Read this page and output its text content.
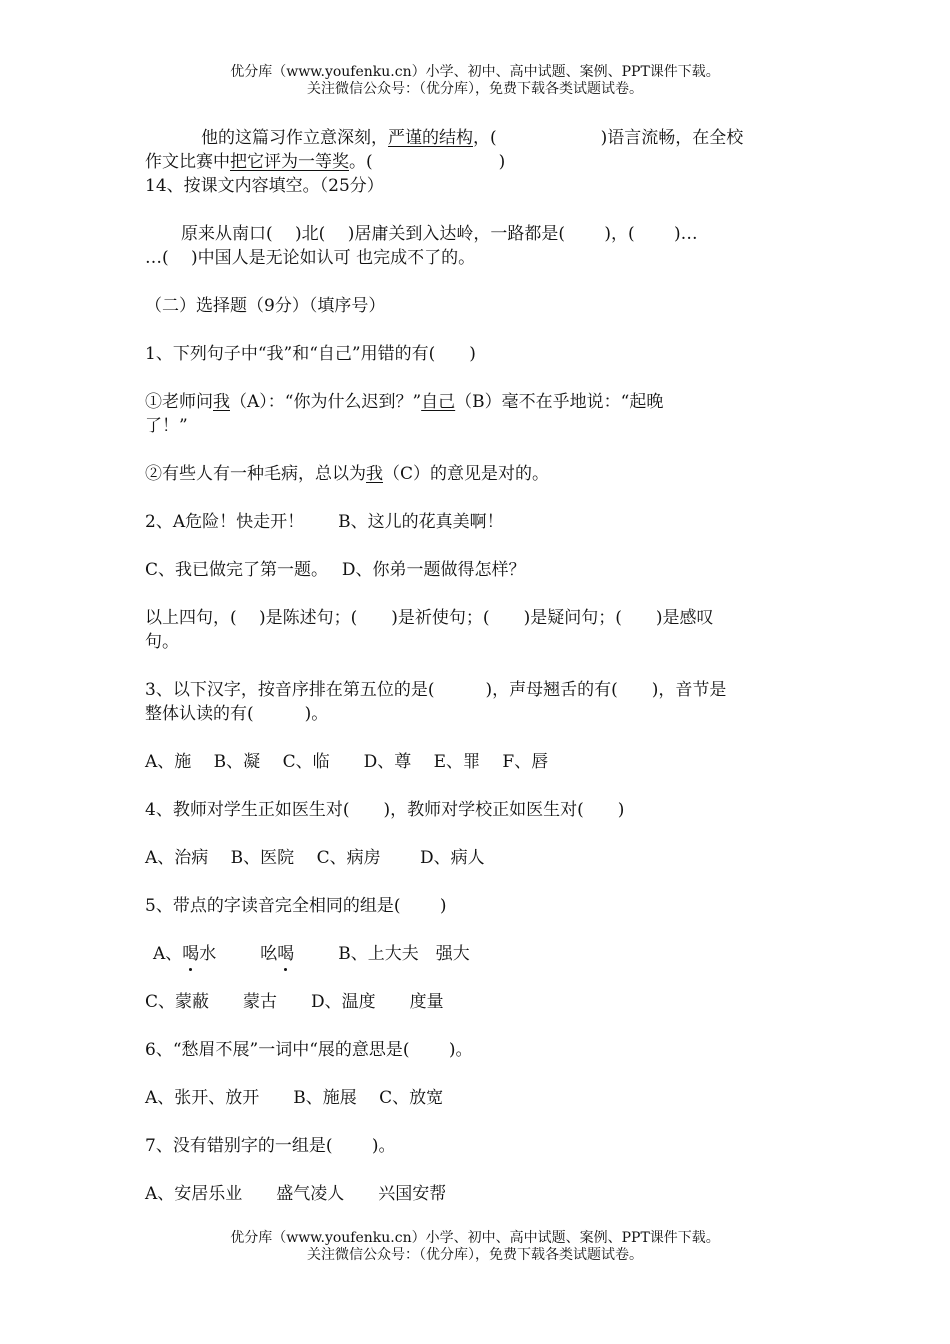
优分库（www.youfenku.cn）小学、初中、高中试题、案例、PPT课件下载。
关注微信公众号：（优分库），免费下载各类试题试卷。
他的这篇习作立意深刻，严谨的结构，(	)语言流畅，在全校
作文比赛中把它评为一等奖。(	)
14、按课文内容填空。（25分）
原来从南口(　 )北(　 )居庸关到入达岭，一路都是(　　 )，(　　 )…
…(　 )中国人是无论如认可 也完成不了的。
（二）选择题（9分）（填序号）
1、下列句子中“我”和“自己”用错的有(　　)
①老师问我（A）：“你为什么迟到？”自己（B）毫不在乎地说：“起晚
了！”
②有些人有一种毛病，总以为我（C）的意见是对的。
2、A危险！快走开！　　B、这儿的花真美啊！
C、我已做完了第一题。　 D、你弟一题做得怎样？
以上四句，(　 )是陈述句；(　　)是祈使句；(　　)是疑问句；(　　)是感叹
句。
3、以下汉字，按音序排在第五位的是(　　　)，声母翘舌的有(　　)，音节是
整体认读的有(　　　)。
A、施　 B、凝　 C、临　　D、尊　 E、罪　 F、唇
4、教师对学生正如医生对(　　)，教师对学校正如医生对(　　)
A、治病　 B、医院　 C、病房　　 D、病人
5、带点的字读音完全相同的组是(　　 )
A、喝水	吆喝	B、上大夫　强大
C、蒙蔽　　蒙古　　D、温度　　度量
6、“愁眉不展”一词中“展的意思是(　　 )。
A、张开、放开　　B、施展　 C、放宽
7、没有错别字的一组是(　　 )。
A、安居乐业　　盛气凌人　　兴国安帮
优分库（www.youfenku.cn）小学、初中、高中试题、案例、PPT课件下载。
关注微信公众号：（优分库），免费下载各类试题试卷。
